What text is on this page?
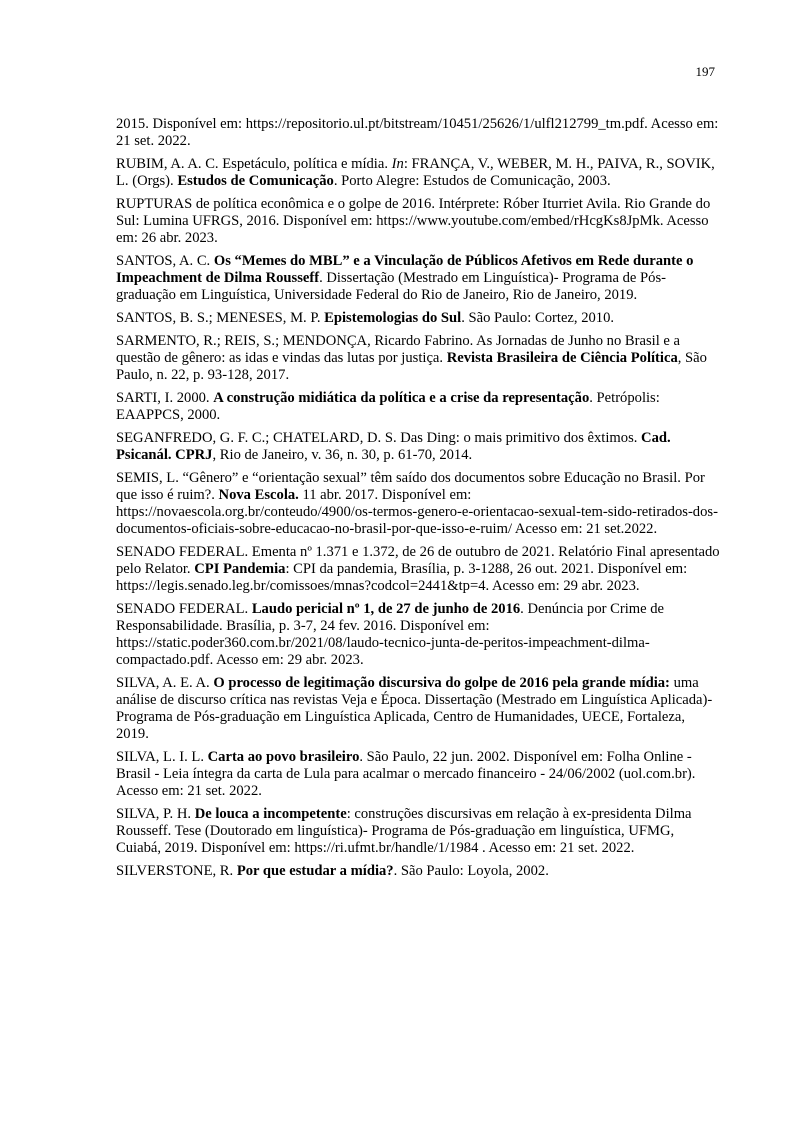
197

2015. Disponível em: https://repositorio.ul.pt/bitstream/10451/25626/1/ulfl212799_tm.pdf. Acesso em: 21 set. 2022.

RUBIM, A. A. C. Espetáculo, política e mídia. In: FRANÇA, V., WEBER, M. H., PAIVA, R., SOVIK, L. (Orgs). Estudos de Comunicação. Porto Alegre: Estudos de Comunicação, 2003.

RUPTURAS de política econômica e o golpe de 2016. Intérprete: Róber Iturriet Avila. Rio Grande do Sul: Lumina UFRGS, 2016. Disponível em: https://www.youtube.com/embed/rHcgKs8JpMk. Acesso em: 26 abr. 2023.

SANTOS, A. C. Os “Memes do MBL” e a Vinculação de Públicos Afetivos em Rede durante o Impeachment de Dilma Rousseff. Dissertação (Mestrado em Linguística)- Programa de Pós-graduação em Linguística, Universidade Federal do Rio de Janeiro, Rio de Janeiro, 2019.

SANTOS, B. S.; MENESES, M. P. Epistemologias do Sul. São Paulo: Cortez, 2010.

SARMENTO, R.; REIS, S.; MENDONÇA, Ricardo Fabrino. As Jornadas de Junho no Brasil e a questão de gênero: as idas e vindas das lutas por justiça. Revista Brasileira de Ciência Política, São Paulo, n. 22, p. 93-128, 2017.

SARTI, I. 2000. A construção midiática da política e a crise da representação. Petrópolis: EAAPPCS, 2000.

SEGANFREDO, G. F. C.; CHATELARD, D. S. Das Ding: o mais primitivo dos êxtimos. Cad. Psicanál. CPRJ, Rio de Janeiro, v. 36, n. 30, p. 61-70, 2014.

SEMIS, L. “Gênero” e “orientação sexual” têm saído dos documentos sobre Educação no Brasil. Por que isso é ruim?. Nova Escola. 11 abr. 2017. Disponível em: https://novaescola.org.br/conteudo/4900/os-termos-genero-e-orientacao-sexual-tem-sido-retirados-dos-documentos-oficiais-sobre-educacao-no-brasil-por-que-isso-e-ruim/ Acesso em: 21 set.2022.

SENADO FEDERAL. Ementa nº 1.371 e 1.372, de 26 de outubro de 2021. Relatório Final apresentado pelo Relator. CPI Pandemia: CPI da pandemia, Brasília, p. 3-1288, 26 out. 2021. Disponível em: https://legis.senado.leg.br/comissoes/mnas?codcol=2441&tp=4. Acesso em: 29 abr. 2023.

SENADO FEDERAL. Laudo pericial nº 1, de 27 de junho de 2016. Denúncia por Crime de Responsabilidade. Brasília, p. 3-7, 24 fev. 2016. Disponível em: https://static.poder360.com.br/2021/08/laudo-tecnico-junta-de-peritos-impeachment-dilma-compactado.pdf. Acesso em: 29 abr. 2023.

SILVA, A. E. A. O processo de legitimação discursiva do golpe de 2016 pela grande mídia: uma análise de discurso crítica nas revistas Veja e Época. Dissertação (Mestrado em Linguística Aplicada)- Programa de Pós-graduação em Linguística Aplicada, Centro de Humanidades, UECE, Fortaleza, 2019.

SILVA, L. I. L. Carta ao povo brasileiro. São Paulo, 22 jun. 2002. Disponível em: Folha Online - Brasil - Leia íntegra da carta de Lula para acalmar o mercado financeiro - 24/06/2002 (uol.com.br). Acesso em: 21 set. 2022.

SILVA, P. H. De louca a incompetente: construções discursivas em relação à ex-presidenta Dilma Rousseff. Tese (Doutorado em linguística)- Programa de Pós-graduação em linguística, UFMG, Cuiabá, 2019. Disponível em: https://ri.ufmt.br/handle/1/1984 . Acesso em: 21 set. 2022.

SILVERSTONE, R. Por que estudar a mídia?. São Paulo: Loyola, 2002.
